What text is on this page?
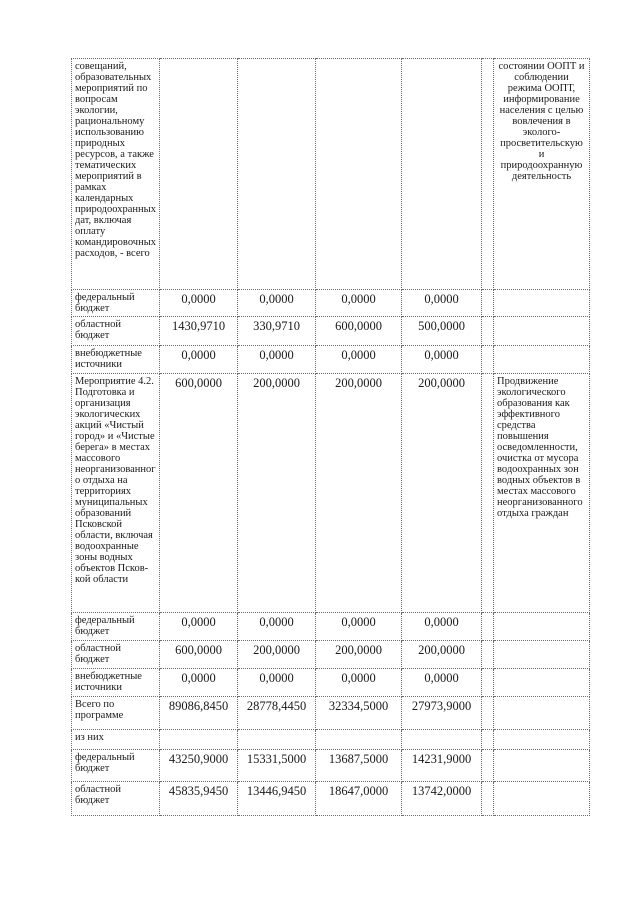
совещаний, образовательных мероприятий по вопросам экологии, рациональному использованию природных ресурсов, а также тематических мероприятий в рамках календарных природоохранных дат, включая оплату командировочных расходов, - всего						состоянии ООПТ и соблюдении режима ООПТ, информирование населения с целью вовлечения в эколого-просветительскую и природоохранную деятельность
федеральный бюджет	0,0000	0,0000	0,0000	0,0000		
областной бюджет	1430,9710	330,9710	600,0000	500,0000		
внебюджетные источники	0,0000	0,0000	0,0000	0,0000		
Мероприятие 4.2. Подготовка и организация экологических акций «Чистый город» и «Чистые берега» в местах массового неорганизованног о отдыха на территориях муниципальных образований Псковской области, включая водоохранные зоны водных объектов Псков-кой области	600,0000	200,0000	200,0000	200,0000		Продвижение экологического образования как эффективного средства повышения осведомленности, очистка от мусора водоохранных зон водных объектов в местах массового неорганизованного отдыха граждан
федеральный бюджет	0,0000	0,0000	0,0000	0,0000		
областной бюджет	600,0000	200,0000	200,0000	200,0000		
внебюджетные источники	0,0000	0,0000	0,0000	0,0000		
Всего по программе	89086,8450	28778,4450	32334,5000	27973,9000		
из них						
федеральный бюджет	43250,9000	15331,5000	13687,5000	14231,9000		
областной бюджет	45835,9450	13446,9450	18647,0000	13742,0000		
